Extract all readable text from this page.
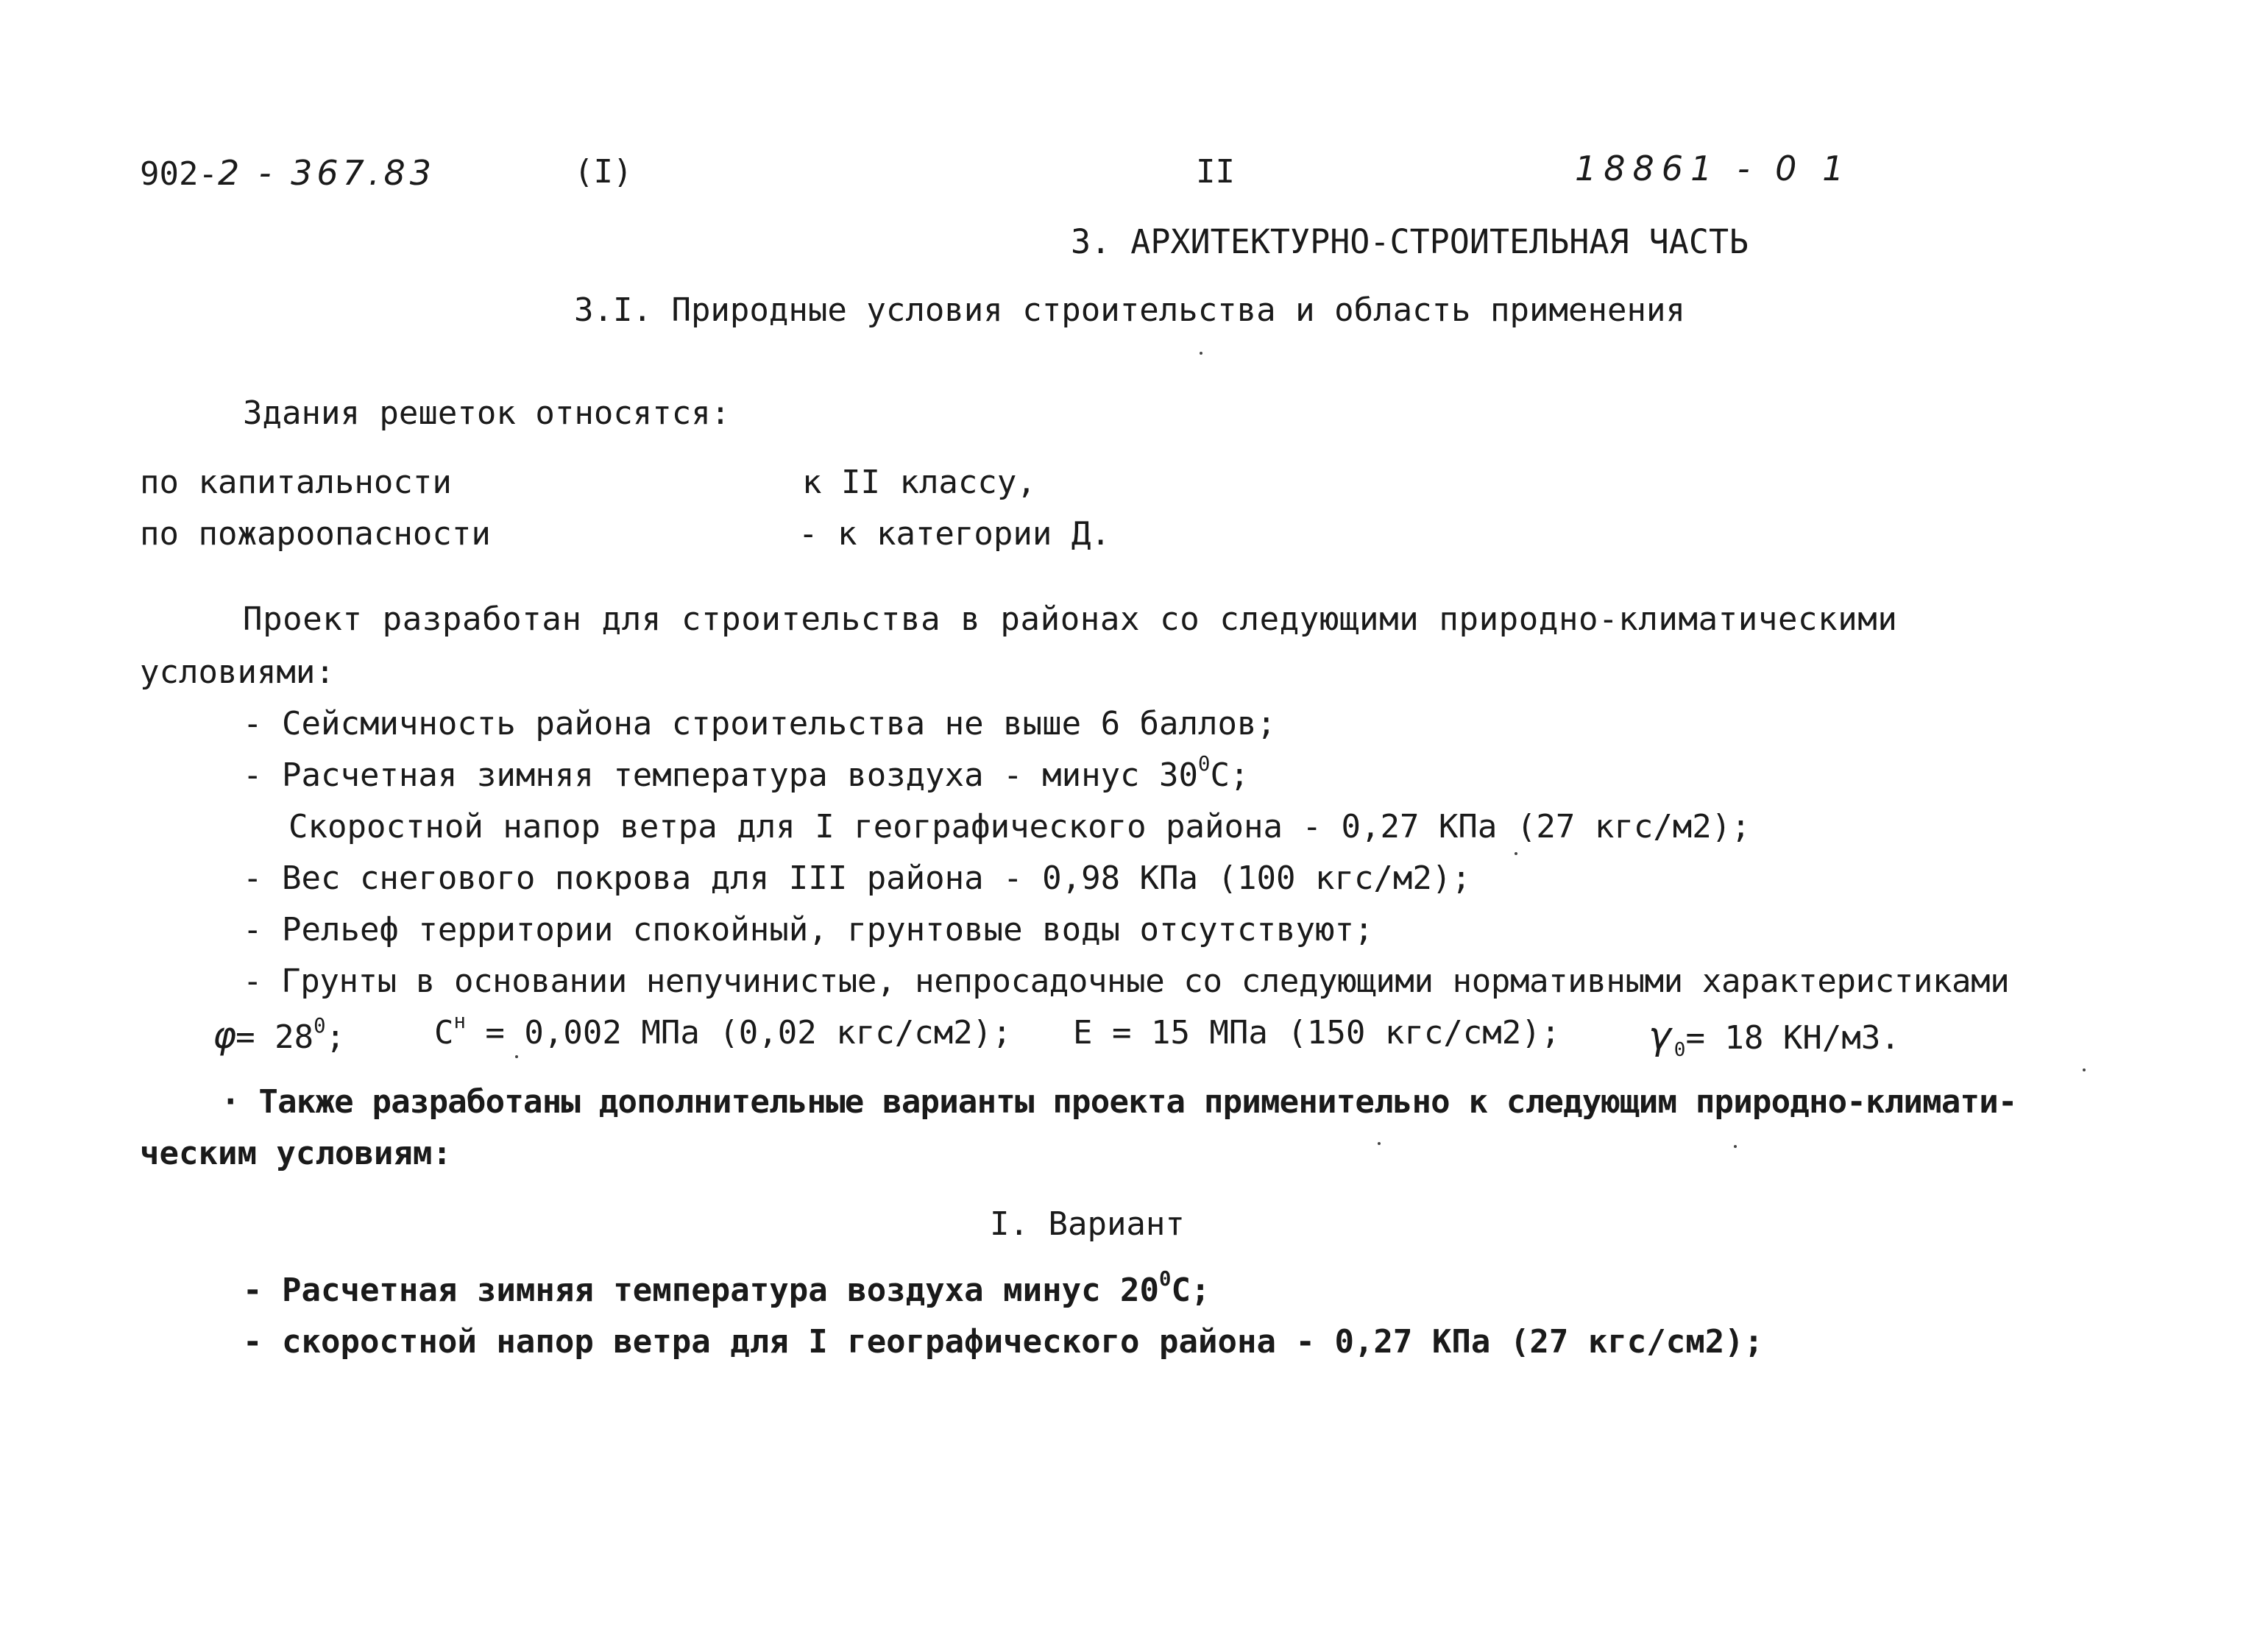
902-2 - 367.83	(I)	II	18861 - 0 1
3. АРХИТЕКТУРНО-СТРОИТЕЛЬНАЯ ЧАСТЬ
3.I. Природные условия строительства и область применения
Здания решеток относятся:
по капитальности	к II классу,
по пожароопасности	- к категории Д.
Проект разработан для строительства в районах со следующими природно-климатическими
условиями:
- Сейсмичность района строительства не выше 6 баллов;
- Расчетная зимняя температура воздуха - минус $30^0C$;
Скоростной напор ветра для I географического района - 0,27 КПа (27 кгс/м2);
- Вес снегового покрова для III района - 0,98 КПа (100 кгс/м2);
- Рельеф территории спокойный, грунтовые воды отсутствуют;
- Грунты в основании непучинистые, непросадочные со следующими нормативными характеристиками
$\varphi= 28^0$;	$C^н = 0,002$ МПа (0,02 кгс/см2); E = 15 МПа (150 кгс/см2); $\gamma_0= 18$ КН/м3.
· Также разработаны дополнительные варианты проекта применительно к следующим природно-климати-
ческим условиям:
I. Вариант
- Расчетная зимняя температура воздуха минус $20^0C$;
- скоростной напор ветра для I географического района - 0,27 КПа (27 кгс/см2);
